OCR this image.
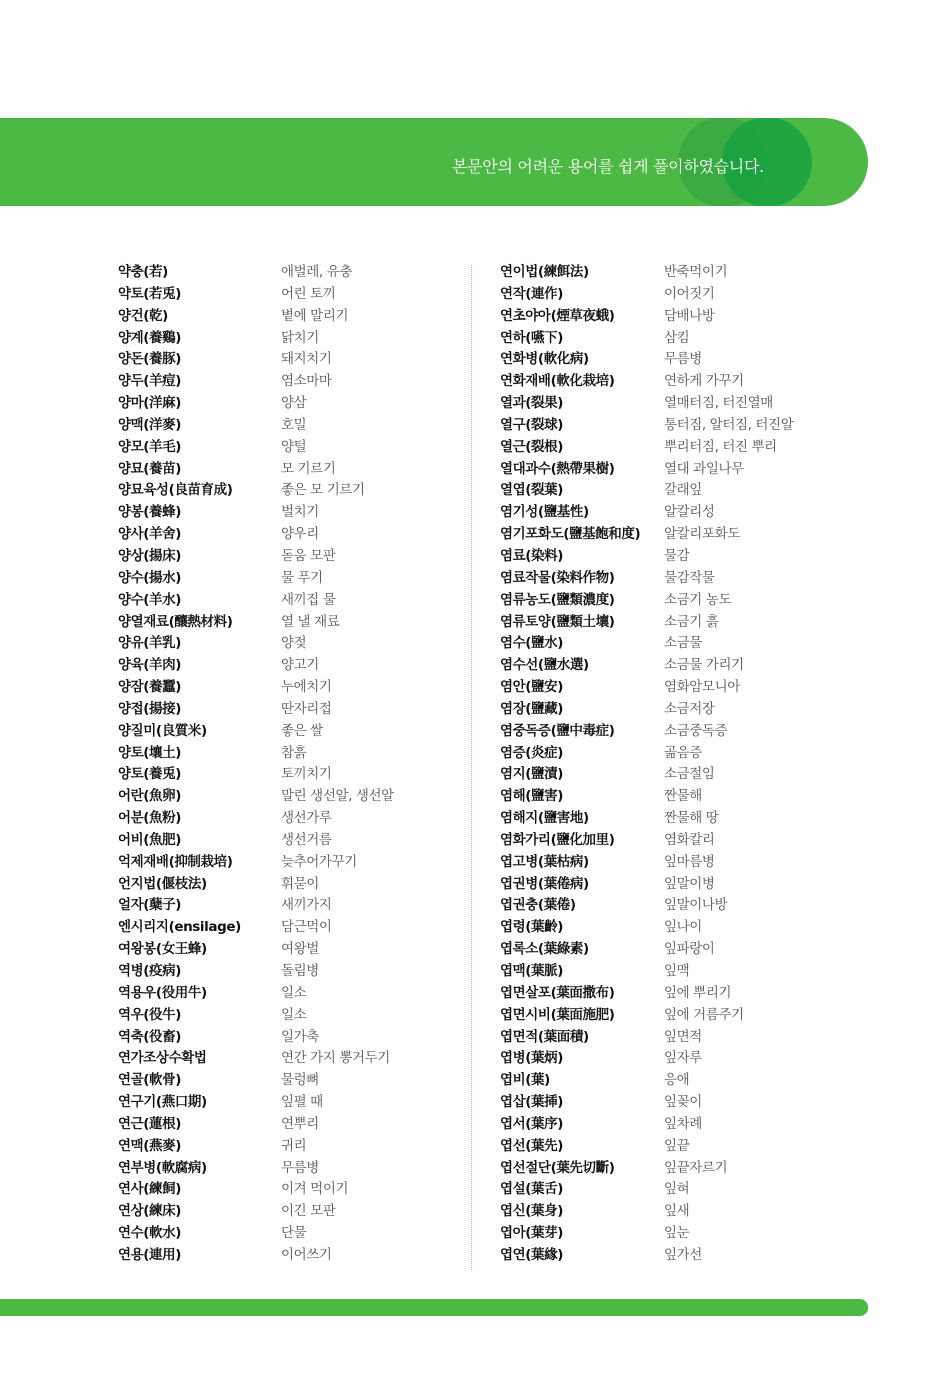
본문안의 어려운 용어를 쉽게 풀이하였습니다.
약충(若)
약토(若兎)
양건(乾)
양계(養鷄)
양돈(養豚)
양두(羊痘)
양마(洋麻)
양맥(洋麥)
양모(羊毛)
양묘(養苗)
양묘육성(良苗育成)
양봉(養蜂)
양사(羊舍)
양상(揚床)
양수(揚水)
양수(羊水)
양열재료(釀熱材料)
양유(羊乳)
양육(羊肉)
양잠(養蠶)
양접(揚接)
양질미(良質米)
양토(壤土)
양토(養兎)
어란(魚卵)
어분(魚粉)
어비(魚肥)
억제재배(抑制栽培)
언지법(偃枝法)
얼자(蘖子)
엔시리지(ensilage)
여왕봉(女王蜂)
역병(疫病)
역용우(役用牛)
역우(役牛)
역축(役畜)
연가조상수확법
연골(軟骨)
연구기(燕口期)
연근(蓮根)
연맥(燕麥)
연부병(軟腐病)
연사(練飼)
연상(練床)
연수(軟水)
연용(連用)
애벌레, 유충
어린 토끼
볕에 말리기
닭치기
돼지치기
염소마마
양삼
호밀
양털
모 기르기
좋은 모 기르기
벌치기
양우리
돋움 모판
물 푸기
새끼집 물
열 낼 재료
양젖
양고기
누에치기
딴자리접
좋은 쌀
참흙
토끼치기
말린 생선알, 생선알
생선가루
생선거름
늦추어가꾸기
휘묻이
새끼가지
담근먹이
여왕벌
돌림병
일소
일소
일가축
연간 가지 뽕거두기
물렁뼈
잎펼 때
연뿌리
귀리
무름병
이겨 먹이기
이긴 모판
단물
이어쓰기
연이법(練餌法)
연작(連作)
연초야아(煙草夜蛾)
연하(嚥下)
연화병(軟化病)
연화재배(軟化栽培)
열과(裂果)
열구(裂球)
열근(裂根)
열대과수(熱帶果樹)
열엽(裂葉)
염기성(鹽基性)
염기포화도(鹽基飽和度)
염료(染料)
염료작물(染料作物)
염류농도(鹽類濃度)
염류토양(鹽類土壤)
염수(鹽水)
염수선(鹽水選)
염안(鹽安)
염장(鹽藏)
염중독증(鹽中毒症)
염증(炎症)
염지(鹽漬)
염해(鹽害)
염해지(鹽害地)
염화가리(鹽化加里)
엽고병(葉枯病)
엽권병(葉倦病)
엽권충(葉倦)
엽령(葉齡)
엽록소(葉綠素)
엽맥(葉脈)
엽면살포(葉面撒布)
엽면시비(葉面施肥)
엽면적(葉面積)
엽병(葉炳)
엽비(葉)
엽삽(葉揷)
엽서(葉序)
엽선(葉先)
엽선절단(葉先切斷)
엽설(葉舌)
엽신(葉身)
엽아(葉芽)
엽연(葉緣)
반죽먹이기
이어짓기
담배나방
삼킴
무름병
연하게 가꾸기
열매터짐, 터진열매
통터짐, 알터짐, 터진알
뿌리터짐, 터진 뿌리
열대 과일나무
갈래잎
알칼리성
알칼리포화도
물감
물감작물
소금기 농도
소금기 흙
소금물
소금물 가리기
염화암모니아
소금저장
소금중독증
곪음증
소금절임
짠물해
짠물해 땅
염화칼리
잎마름병
잎말이병
잎말이나방
잎나이
잎파랑이
잎맥
잎에 뿌리기
잎에 거름주기
잎면적
잎자루
응애
잎꽂이
잎차례
잎끝
잎끝자르기
잎혀
잎새
잎눈
잎가선
